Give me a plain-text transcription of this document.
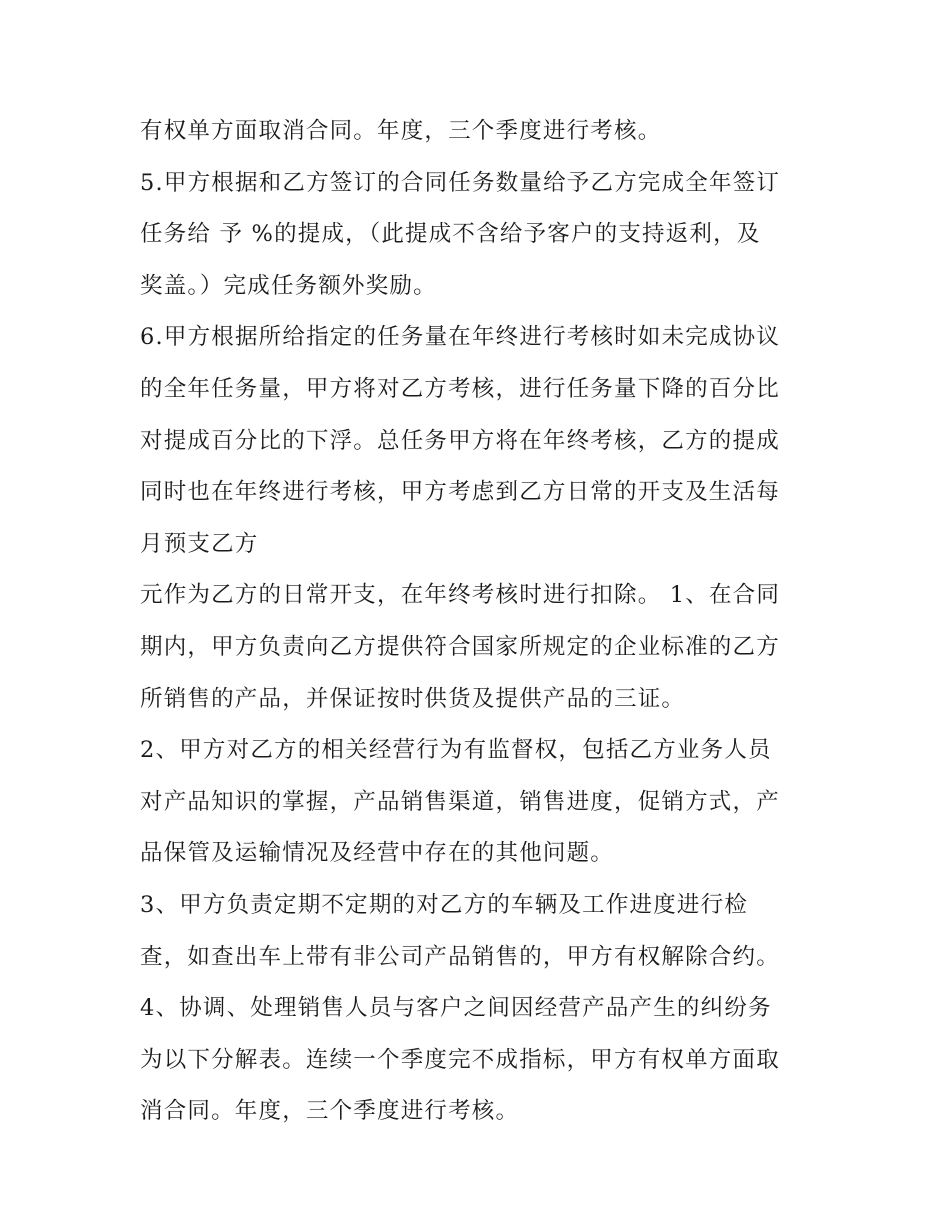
有权单方面取消合同。年度，三个季度进行考核。
5.甲方根据和乙方签订的合同任务数量给予乙方完成全年签订
任务给 予 %的提成，（此提成不含给予客户的支持返利，及
奖盖。）完成任务额外奖励。
6.甲方根据所给指定的任务量在年终进行考核时如未完成协议
的全年任务量，甲方将对乙方考核，进行任务量下降的百分比
对提成百分比的下浮。总任务甲方将在年终考核，乙方的提成
同时也在年终进行考核，甲方考虑到乙方日常的开支及生活每
月预支乙方
元作为乙方的日常开支，在年终考核时进行扣除。 1、在合同
期内，甲方负责向乙方提供符合国家所规定的企业标准的乙方
所销售的产品，并保证按时供货及提供产品的三证。
2、甲方对乙方的相关经营行为有监督权，包括乙方业务人员
对产品知识的掌握，产品销售渠道，销售进度，促销方式，产
品保管及运输情况及经营中存在的其他问题。
3、甲方负责定期不定期的对乙方的车辆及工作进度进行检
查，如查出车上带有非公司产品销售的，甲方有权解除合约。
4、协调、处理销售人员与客户之间因经营产品产生的纠纷务
为以下分解表。连续一个季度完不成指标，甲方有权单方面取
消合同。年度，三个季度进行考核。
